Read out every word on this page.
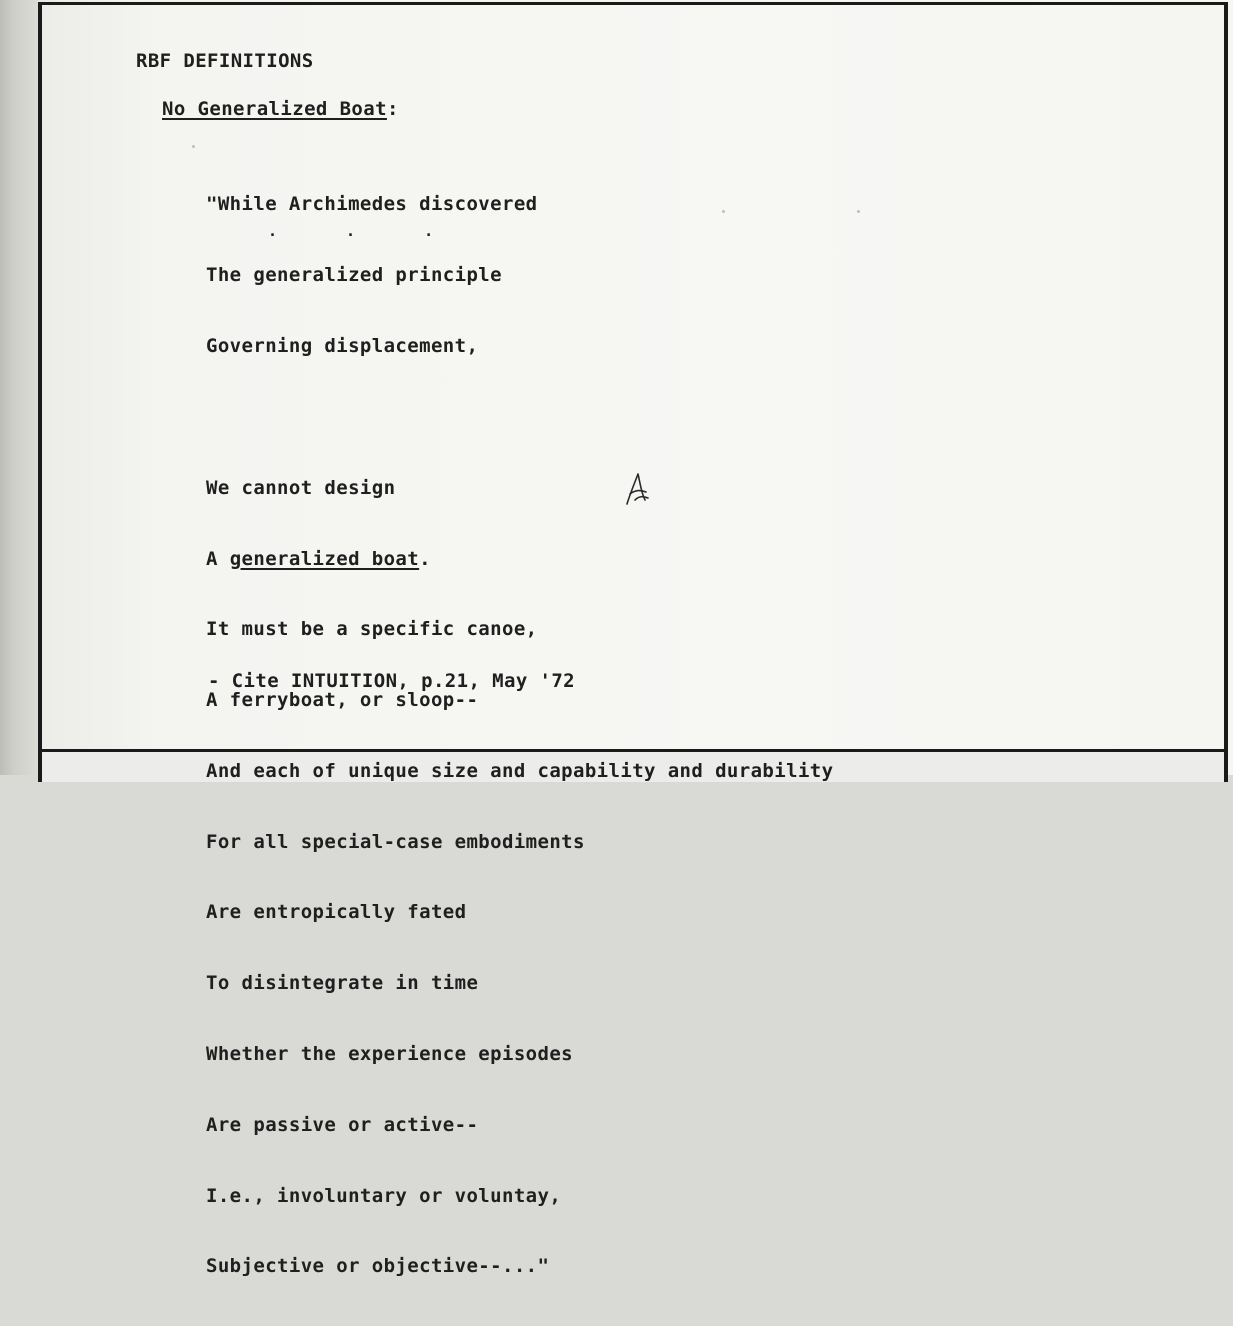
RBF DEFINITIONS
No Generalized Boat:

"While Archimedes discovered

The generalized principle

Governing displacement,

We cannot design

A generalized boat.

It must be a specific canoe,

A ferryboat, or sloop--

And each of unique size and capability and durability

For all special-case embodiments

Are entropically fated

To disintegrate in time

Whether the experience episodes

Are passive or active--

I.e., involuntary or voluntay,

Subjective or objective--..."

. . .
- Cite INTUITION, p.21, May '72
